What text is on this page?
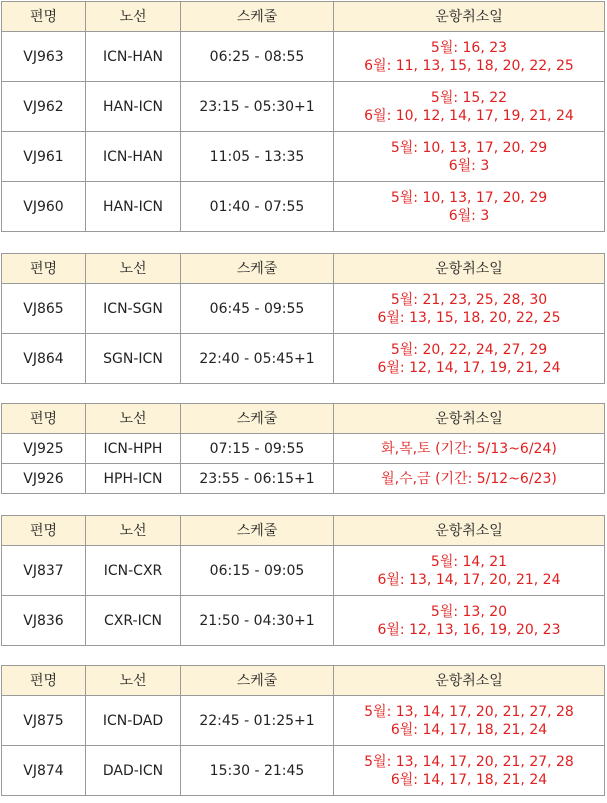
편명	노선	스케줄	운항취소일
VJ963	ICN-HAN	06:25 - 08:55	5월: 16, 23
6월: 11, 13, 15, 18, 20, 22, 25

VJ962	HAN-ICN	23:15 - 05:30+1	5월: 15, 22
6월: 10, 12, 14, 17, 19, 21, 24

VJ961	ICN-HAN	11:05 - 13:35	5월: 10, 13, 17, 20, 29
6월: 3

VJ960	HAN-ICN	01:40 - 07:55	5월: 10, 13, 17, 20, 29
6월: 3
편명	노선	스케줄	운항취소일
VJ865	ICN-SGN	06:45 - 09:55	5월: 21, 23, 25, 28, 30
6월: 13, 15, 18, 20, 22, 25

VJ864	SGN-ICN	22:40 - 05:45+1	5월: 20, 22, 24, 27, 29
6월: 12, 14, 17, 19, 21, 24
편명	노선	스케줄	운항취소일
VJ925	ICN-HPH	07:15 - 09:55	화,목,토 (기간: 5/13~6/24)

VJ926	HPH-ICN	23:55 - 06:15+1	월,수,금 (기간: 5/12~6/23)
편명	노선	스케줄	운항취소일
VJ837	ICN-CXR	06:15 - 09:05	5월: 14, 21
6월: 13, 14, 17, 20, 21, 24

VJ836	CXR-ICN	21:50 - 04:30+1	5월: 13, 20
6월: 12, 13, 16, 19, 20, 23
편명	노선	스케줄	운항취소일
VJ875	ICN-DAD	22:45 - 01:25+1	5월: 13, 14, 17, 20, 21, 27, 28
6월: 14, 17, 18, 21, 24

VJ874	DAD-ICN	15:30 - 21:45	5월: 13, 14, 17, 20, 21, 27, 28
6월: 14, 17, 18, 21, 24
